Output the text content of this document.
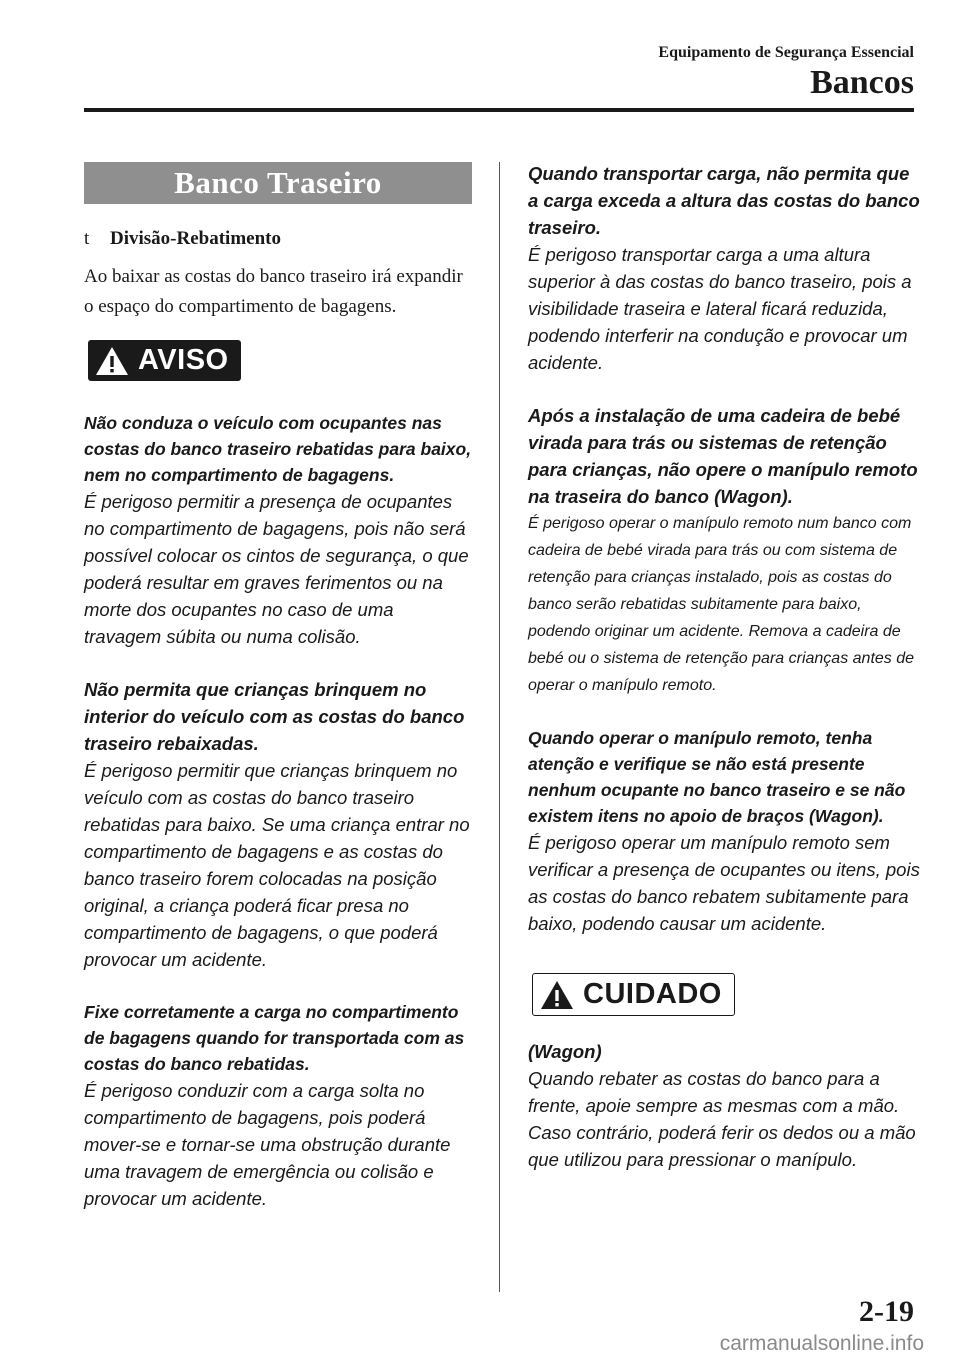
Equipamento de Segurança Essencial
Bancos
Banco Traseiro
t	Divisão-Rebatimento

Ao baixar as costas do banco traseiro irá expandir o espaço do compartimento de bagagens.

AVISO

Não conduza o veículo com ocupantes nas costas do banco traseiro rebatidas para baixo, nem no compartimento de bagagens.

É perigoso permitir a presença de ocupantes no compartimento de bagagens, pois não será possível colocar os cintos de segurança, o que poderá resultar em graves ferimentos ou na morte dos ocupantes no caso de uma travagem súbita ou numa colisão.

Não permita que crianças brinquem no interior do veículo com as costas do banco traseiro rebaixadas.

É perigoso permitir que crianças brinquem no veículo com as costas do banco traseiro rebatidas para baixo. Se uma criança entrar no compartimento de bagagens e as costas do banco traseiro forem colocadas na posição original, a criança poderá ficar presa no compartimento de bagagens, o que poderá provocar um acidente.

Fixe corretamente a carga no compartimento de bagagens quando for transportada com as costas do banco rebatidas.

É perigoso conduzir com a carga solta no compartimento de bagagens, pois poderá mover-se e tornar-se uma obstrução durante uma travagem de emergência ou colisão e provocar um acidente.

Quando transportar carga, não permita que a carga exceda a altura das costas do banco traseiro.

É perigoso transportar carga a uma altura superior à das costas do banco traseiro, pois a visibilidade traseira e lateral ficará reduzida, podendo interferir na condução e provocar um acidente.

Após a instalação de uma cadeira de bebé virada para trás ou sistemas de retenção para crianças, não opere o manípulo remoto na traseira do banco (Wagon).

É perigoso operar o manípulo remoto num banco com cadeira de bebé virada para trás ou com sistema de retenção para crianças instalado, pois as costas do banco serão rebatidas subitamente para baixo, podendo originar um acidente. Remova a cadeira de bebé ou o sistema de retenção para crianças antes de operar o manípulo remoto.

Quando operar o manípulo remoto, tenha atenção e verifique se não está presente nenhum ocupante no banco traseiro e se não existem itens no apoio de braços (Wagon).

É perigoso operar um manípulo remoto sem verificar a presença de ocupantes ou itens, pois as costas do banco rebatem subitamente para baixo, podendo causar um acidente.

CUIDADO

(Wagon)

Quando rebater as costas do banco para a frente, apoie sempre as mesmas com a mão. Caso contrário, poderá ferir os dedos ou a mão que utilizou para pressionar o manípulo.

2-19
carmanualsonline.info
